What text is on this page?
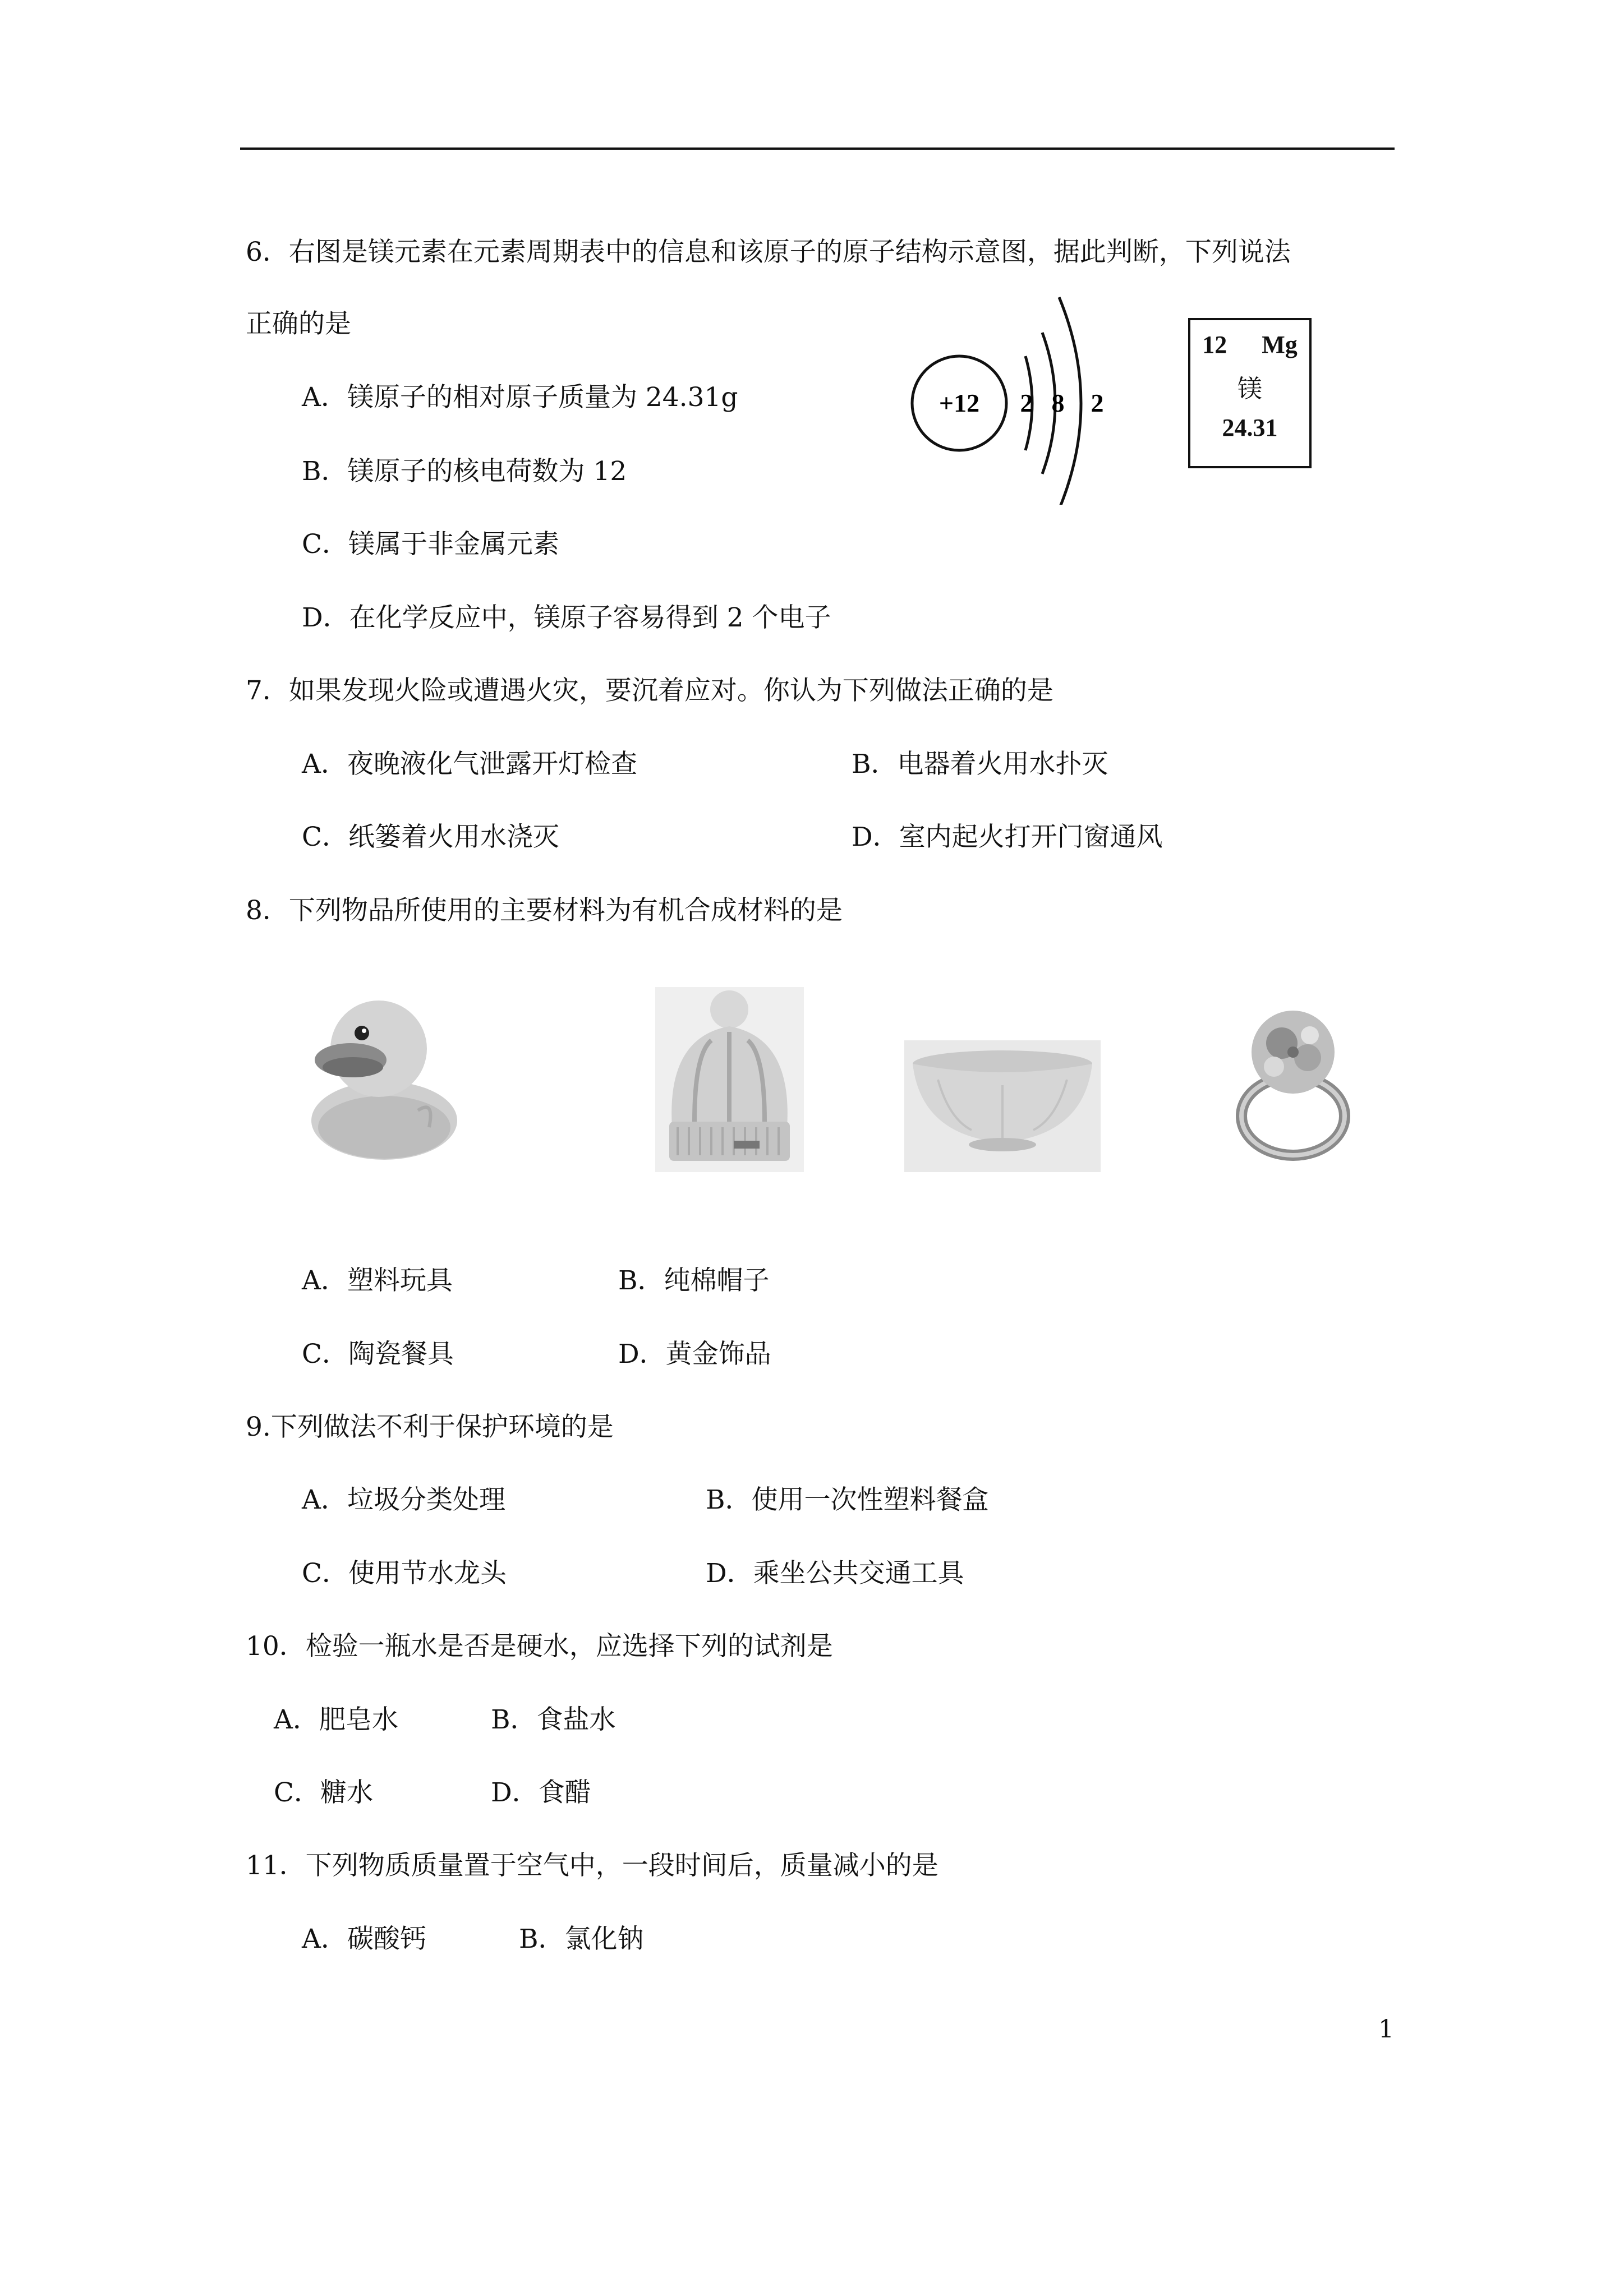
6．右图是镁元素在元素周期表中的信息和该原子的原子结构示意图，据此判断，下列说法
正确的是
A．镁原子的相对原子质量为 24.31g
B．镁原子的核电荷数为 12
C．镁属于非金属元素
D．在化学反应中，镁原子容易得到 2 个电子
+12 2 8 2
12 Mg
镁
24.31
7．如果发现火险或遭遇火灾，要沉着应对。你认为下列做法正确的是
A．夜晚液化气泄露开灯检查	B．电器着火用水扑灭
C．纸篓着火用水浇灭	D．室内起火打开门窗通风
8．下列物品所使用的主要材料为有机合成材料的是
A．塑料玩具	B．纯棉帽子
C．陶瓷餐具	D．黄金饰品
9.下列做法不利于保护环境的是
A．垃圾分类处理	B．使用一次性塑料餐盒
C．使用节水龙头	D．乘坐公共交通工具
10．检验一瓶水是否是硬水，应选择下列的试剂是
A．肥皂水	B．食盐水
C．糖水	D．食醋
11．下列物质质量置于空气中，一段时间后，质量减小的是
A．碳酸钙	B．氯化钠
1
